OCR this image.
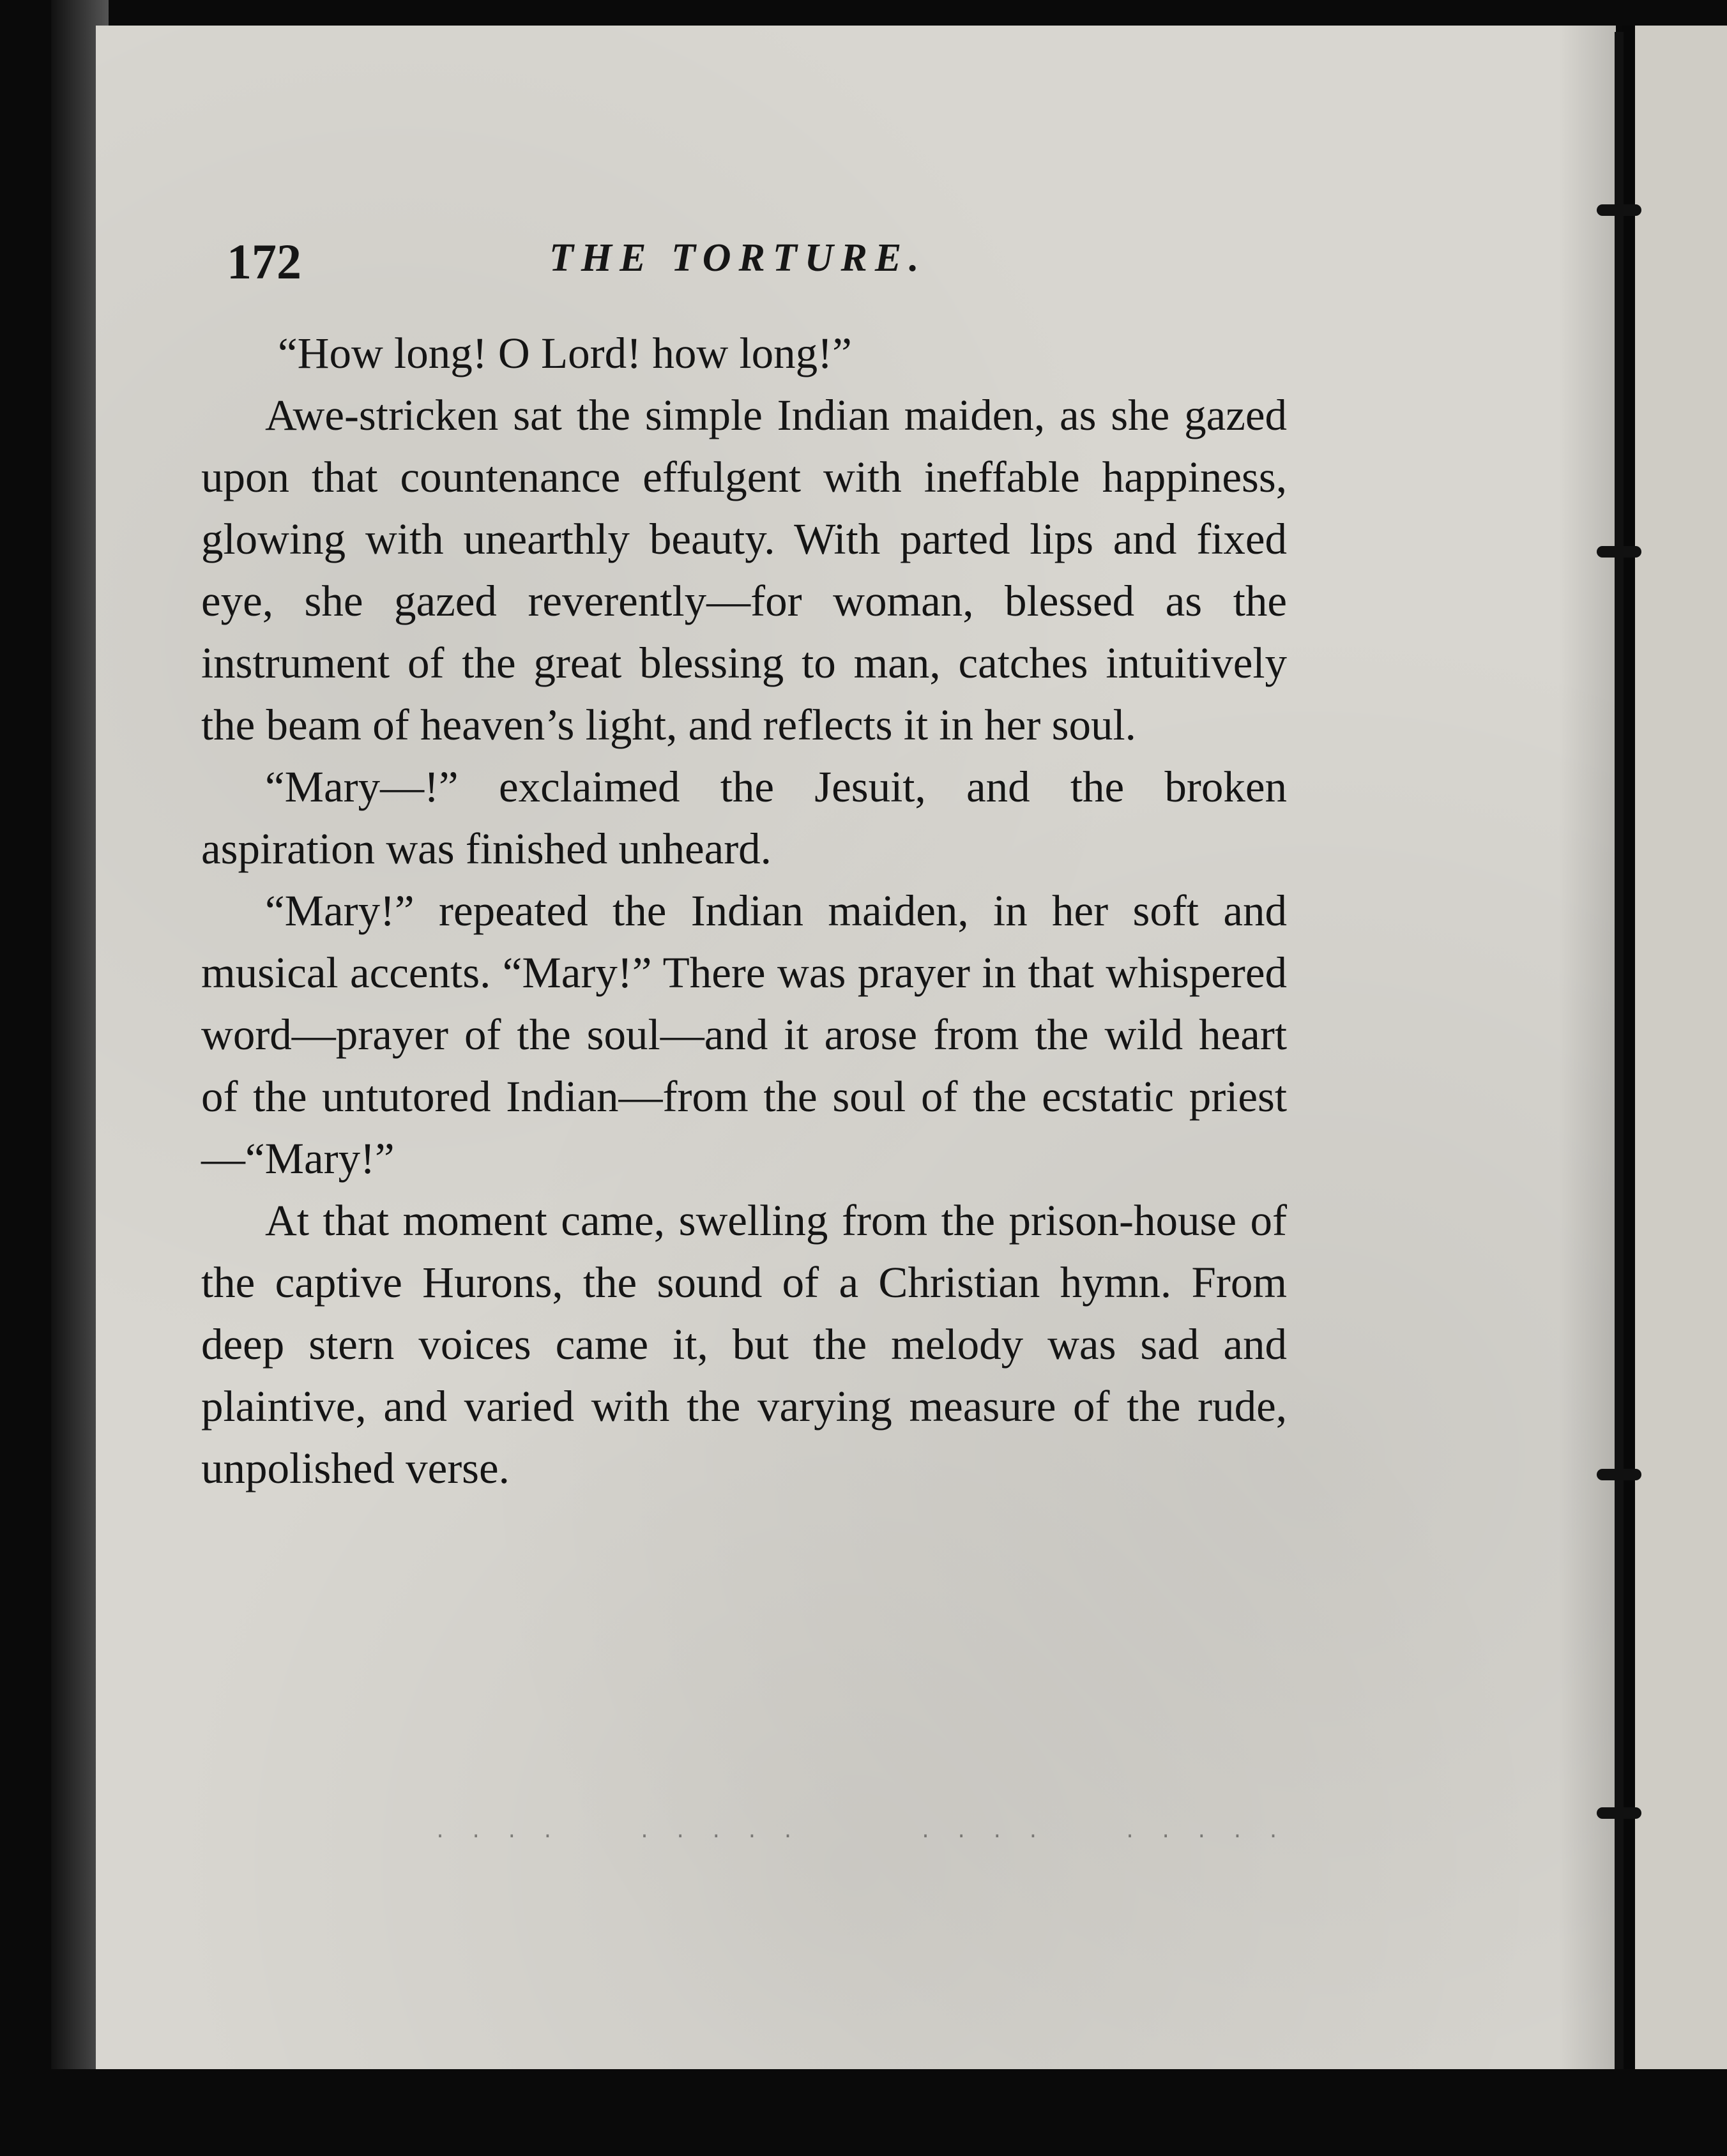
172	THE TORTURE.

“How long! O Lord! how long!”

Awe-stricken sat the simple Indian maiden, as she gazed upon that countenance effulgent with ineffable happiness, glowing with unearthly beauty. With parted lips and fixed eye, she gazed reverently—for woman, blessed as the instrument of the great blessing to man, catches intuitively the beam of heaven’s light, and reflects it in her soul.

“Mary—!” exclaimed the Jesuit, and the broken aspiration was finished unheard.

“Mary!” repeated the Indian maiden, in her soft and musical accents. “Mary!” There was prayer in that whispered word—prayer of the soul—and it arose from the wild heart of the untutored Indian—from the soul of the ecstatic priest—“Mary!”

At that moment came, swelling from the prison-house of the captive Hurons, the sound of a Christian hymn. From deep stern voices came it, but the melody was sad and plaintive, and varied with the varying measure of the rude, unpolished verse.

. . . .	. . . . .	. . . .	. . . . .
